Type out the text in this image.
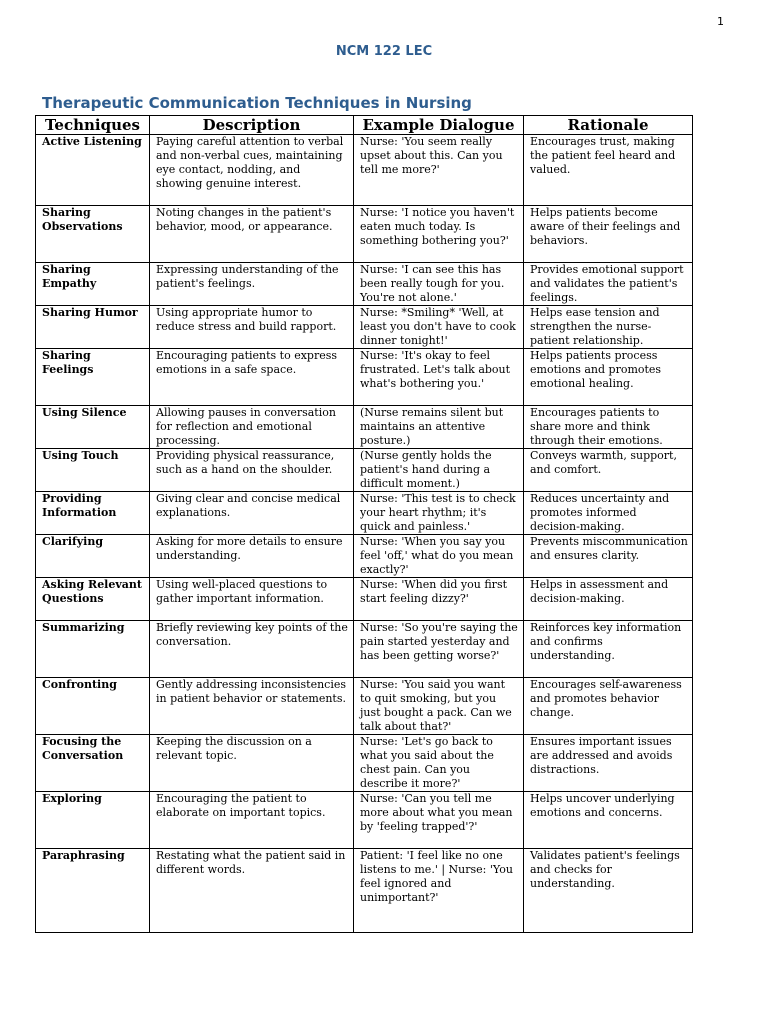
1
NCM 122 LEC
Therapeutic Communication Techniques in Nursing
Techniques	Description	Example Dialogue	Rationale
Active Listening	Paying careful attention to verbal and non-verbal cues, maintaining eye contact, nodding, and showing genuine interest.	Nurse: 'You seem really upset about this. Can you tell me more?'	Encourages trust, making the patient feel heard and valued.
Sharing Observations	Noting changes in the patient's behavior, mood, or appearance.	Nurse: 'I notice you haven't eaten much today. Is something bothering you?'	Helps patients become aware of their feelings and behaviors.
Sharing Empathy	Expressing understanding of the patient's feelings.	Nurse: 'I can see this has been really tough for you. You're not alone.'	Provides emotional support and validates the patient's feelings.
Sharing Humor	Using appropriate humor to reduce stress and build rapport.	Nurse: *Smiling* 'Well, at least you don't have to cook dinner tonight!'	Helps ease tension and strengthen the nurse-patient relationship.
Sharing Feelings	Encouraging patients to express emotions in a safe space.	Nurse: 'It's okay to feel frustrated. Let's talk about what's bothering you.'	Helps patients process emotions and promotes emotional healing.
Using Silence	Allowing pauses in conversation for reflection and emotional processing.	(Nurse remains silent but maintains an attentive posture.)	Encourages patients to share more and think through their emotions.
Using Touch	Providing physical reassurance, such as a hand on the shoulder.	(Nurse gently holds the patient's hand during a difficult moment.)	Conveys warmth, support, and comfort.
Providing Information	Giving clear and concise medical explanations.	Nurse: 'This test is to check your heart rhythm; it's quick and painless.'	Reduces uncertainty and promotes informed decision-making.
Clarifying	Asking for more details to ensure understanding.	Nurse: 'When you say you feel 'off,' what do you mean exactly?'	Prevents miscommunication and ensures clarity.
Asking Relevant Questions	Using well-placed questions to gather important information.	Nurse: 'When did you first start feeling dizzy?'	Helps in assessment and decision-making.
Summarizing	Briefly reviewing key points of the conversation.	Nurse: 'So you're saying the pain started yesterday and has been getting worse?'	Reinforces key information and confirms understanding.
Confronting	Gently addressing inconsistencies in patient behavior or statements.	Nurse: 'You said you want to quit smoking, but you just bought a pack. Can we talk about that?'	Encourages self-awareness and promotes behavior change.
Focusing the Conversation	Keeping the discussion on a relevant topic.	Nurse: 'Let's go back to what you said about the chest pain. Can you describe it more?'	Ensures important issues are addressed and avoids distractions.
Exploring	Encouraging the patient to elaborate on important topics.	Nurse: 'Can you tell me more about what you mean by 'feeling trapped'?'	Helps uncover underlying emotions and concerns.
Paraphrasing	Restating what the patient said in different words.	Patient: 'I feel like no one listens to me.' | Nurse: 'You feel ignored and unimportant?'	Validates patient's feelings and checks for understanding.
